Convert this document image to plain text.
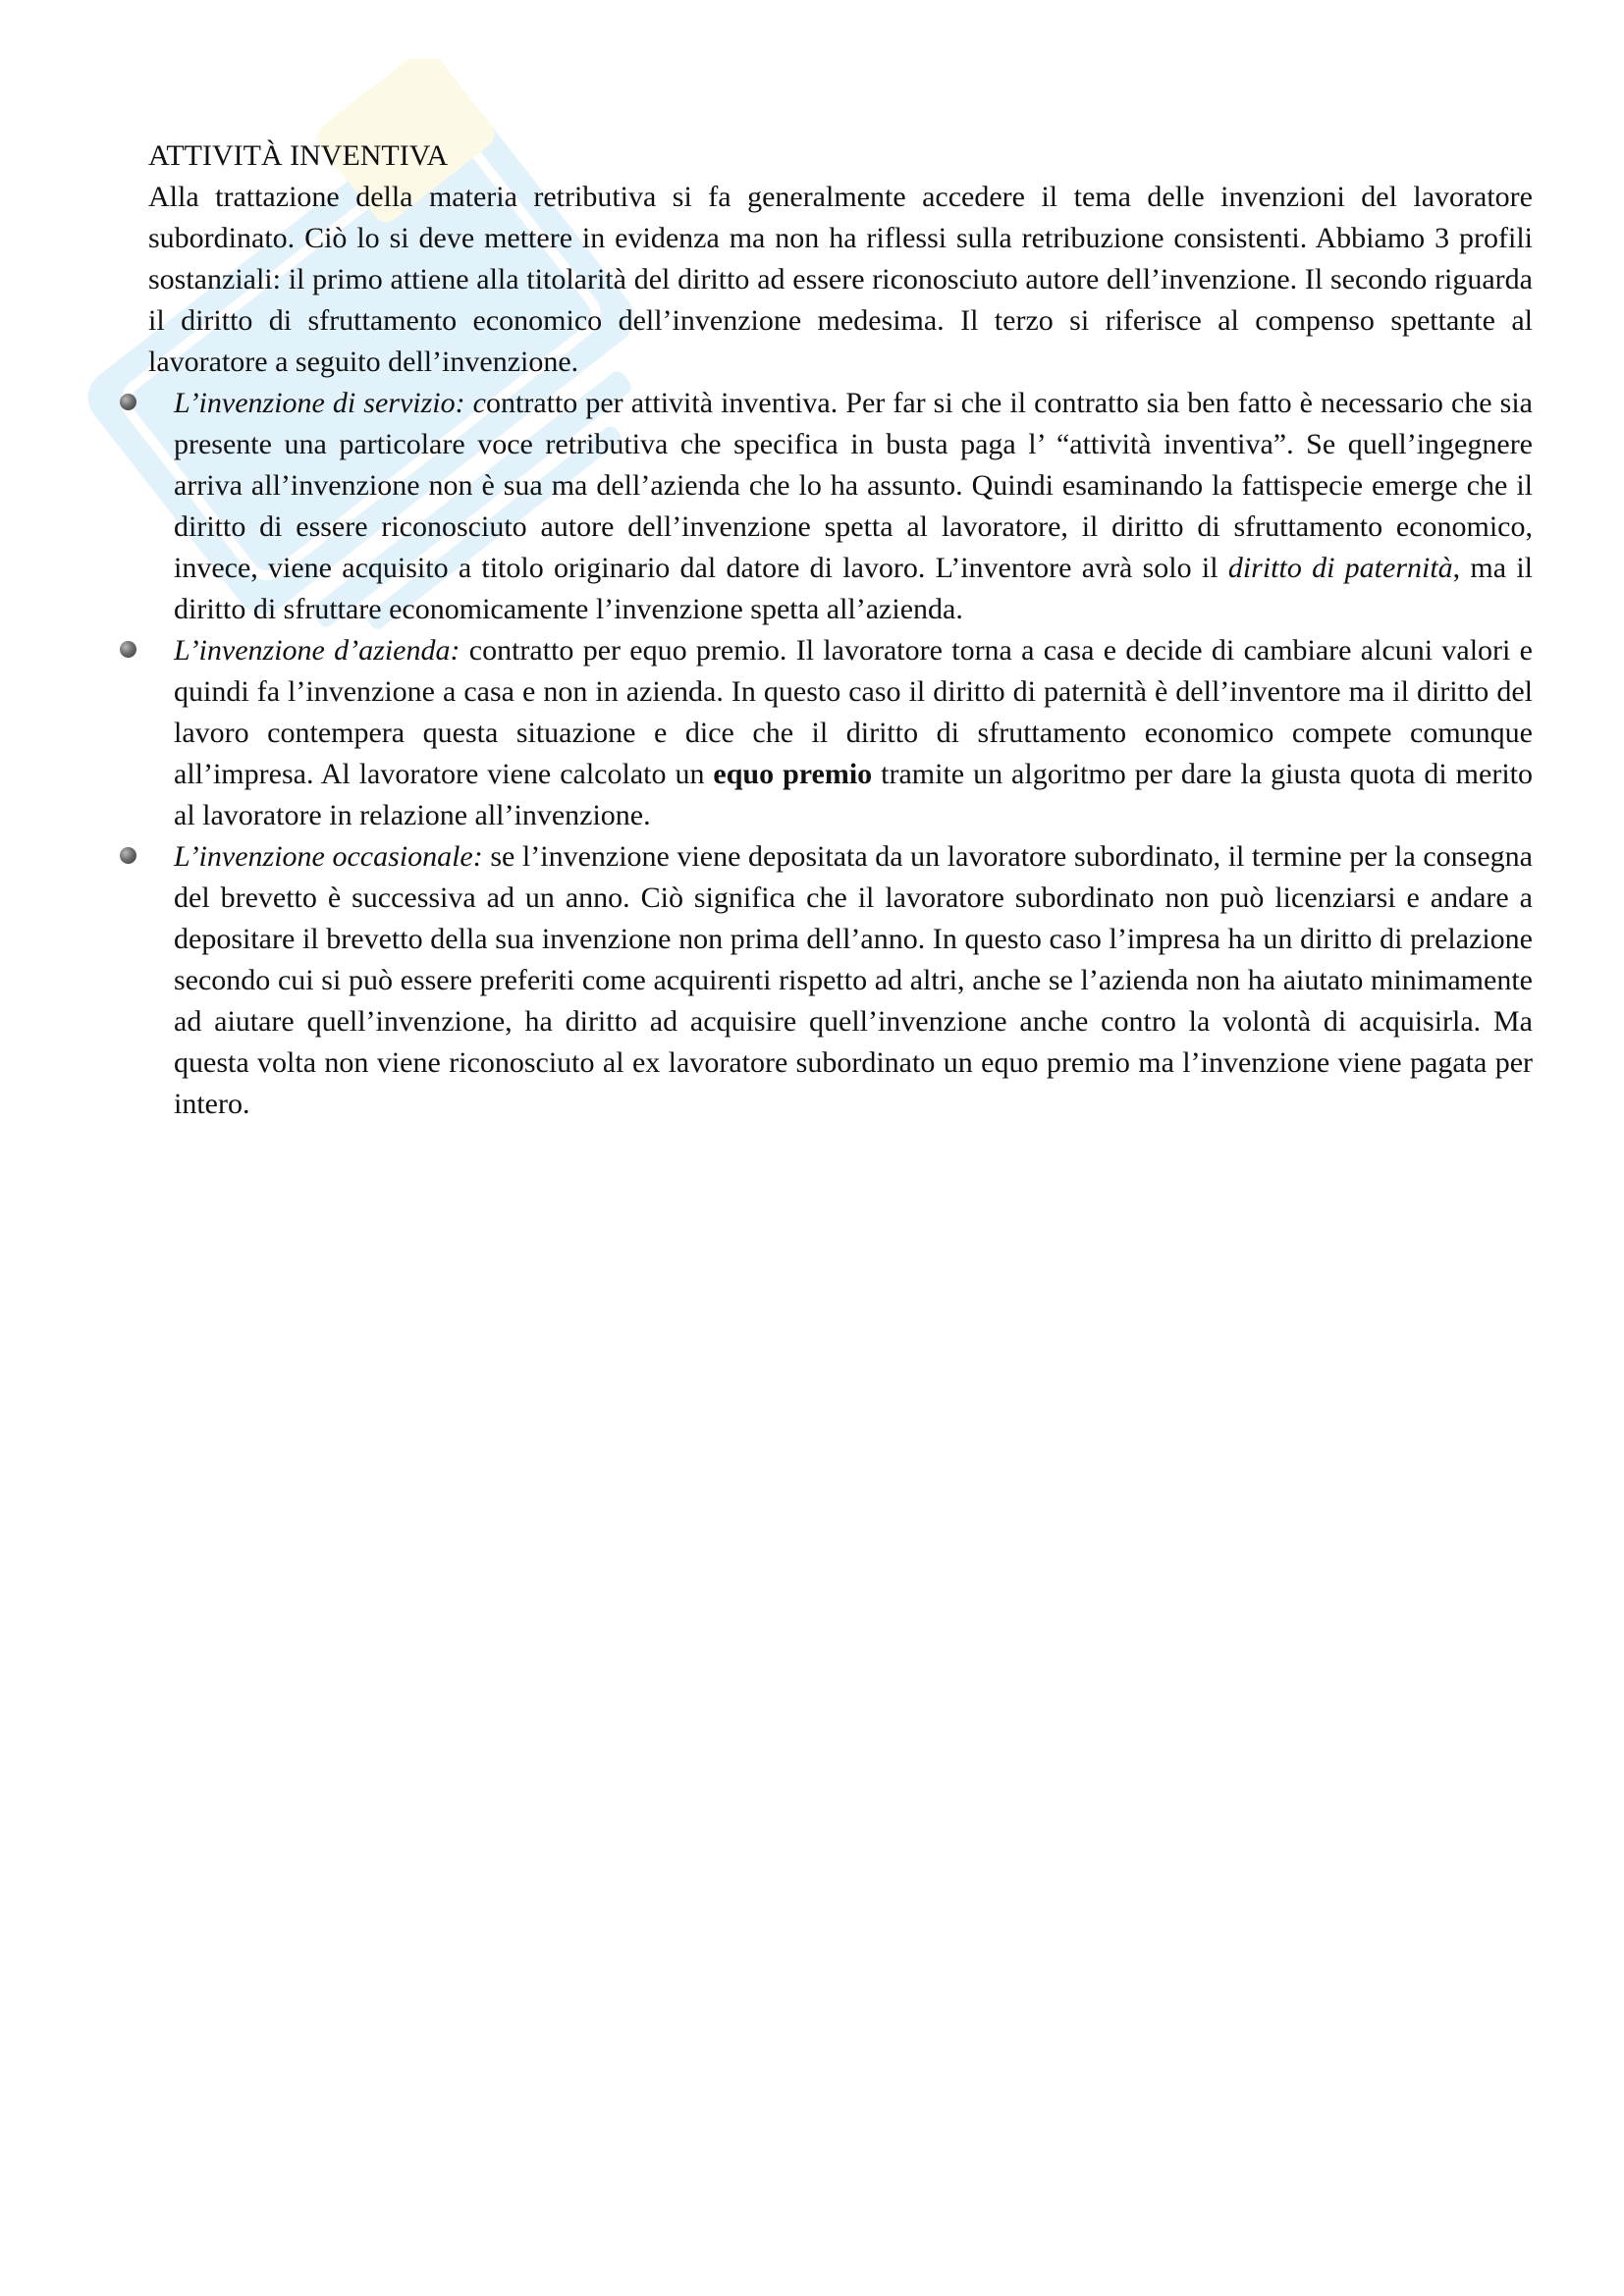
ATTIVITÀ INVENTIVA

Alla trattazione della materia retributiva si fa generalmente accedere il tema delle invenzioni del lavoratore subordinato. Ciò lo si deve mettere in evidenza ma non ha riflessi sulla retribuzione consistenti. Abbiamo 3 profili sostanziali: il primo attiene alla titolarità del diritto ad essere riconosciuto autore dell’invenzione. Il secondo riguarda il diritto di sfruttamento economico dell’invenzione medesima. Il terzo si riferisce al compenso spettante al lavoratore a seguito dell’invenzione.

L’invenzione di servizio: contratto per attività inventiva. Per far si che il contratto sia ben fatto è necessario che sia presente una particolare voce retributiva che specifica in busta paga l’ “attività inventiva”. Se quell’ingegnere arriva all’invenzione non è sua ma dell’azienda che lo ha assunto. Quindi esaminando la fattispecie emerge che il diritto di essere riconosciuto autore dell’invenzione spetta al lavoratore, il diritto di sfruttamento economico, invece, viene acquisito a titolo originario dal datore di lavoro. L’inventore avrà solo il diritto di paternità, ma il diritto di sfruttare economicamente l’invenzione spetta all’azienda.
L’invenzione d’azienda: contratto per equo premio. Il lavoratore torna a casa e decide di cambiare alcuni valori e quindi fa l’invenzione a casa e non in azienda. In questo caso il diritto di paternità è dell’inventore ma il diritto del lavoro contempera questa situazione e dice che il diritto di sfruttamento economico compete comunque all’impresa. Al lavoratore viene calcolato un equo premio tramite un algoritmo per dare la giusta quota di merito al lavoratore in relazione all’invenzione.
L’invenzione occasionale: se l’invenzione viene depositata da un lavoratore subordinato, il termine per la consegna del brevetto è successiva ad un anno. Ciò significa che il lavoratore subordinato non può licenziarsi e andare a depositare il brevetto della sua invenzione non prima dell’anno. In questo caso l’impresa ha un diritto di prelazione secondo cui si può essere preferiti come acquirenti rispetto ad altri, anche se l’azienda non ha aiutato minimamente ad aiutare quell’invenzione, ha diritto ad acquisire quell’invenzione anche contro la volontà di acquisirla. Ma questa volta non viene riconosciuto al ex lavoratore subordinato un equo premio ma l’invenzione viene pagata per intero.
